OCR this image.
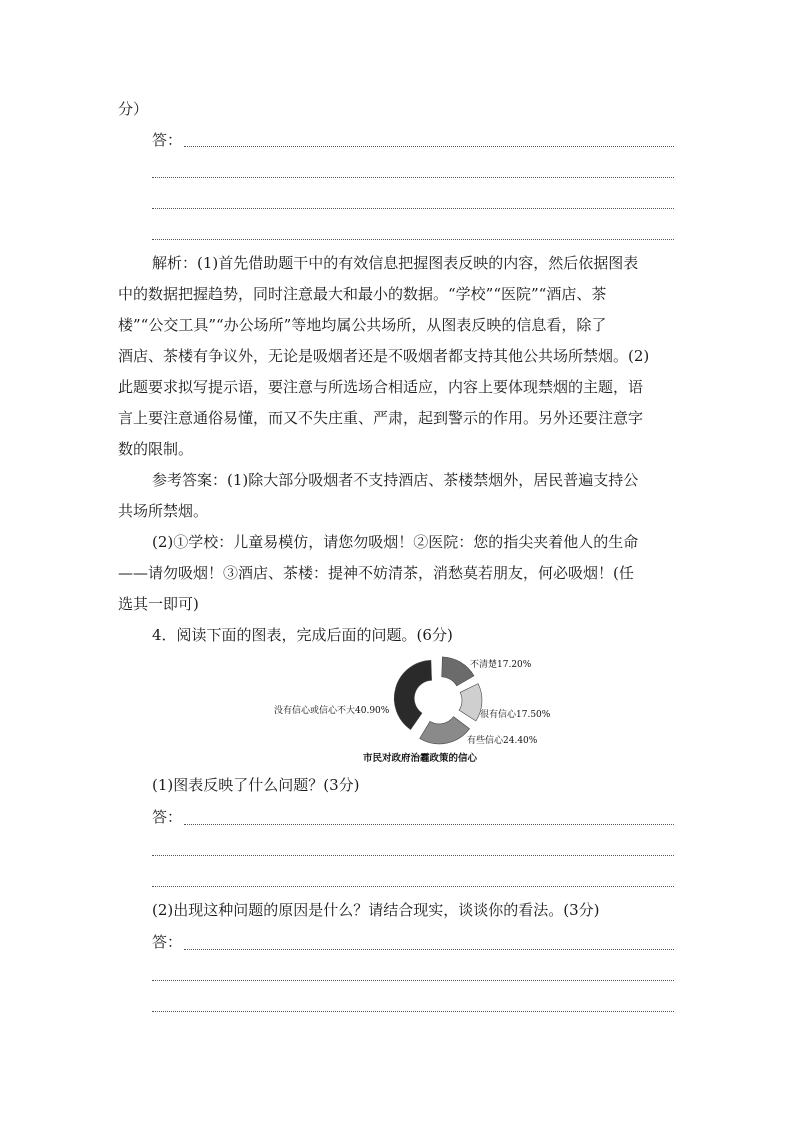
分）
答：
解析：(1)首先借助题干中的有效信息把握图表反映的内容，然后依据图表
中的数据把握趋势，同时注意最大和最小的数据。“学校”“医院”“酒店、茶
楼”“公交工具”“办公场所”等地均属公共场所，从图表反映的信息看，除了
酒店、茶楼有争议外，无论是吸烟者还是不吸烟者都支持其他公共场所禁烟。(2)
此题要求拟写提示语，要注意与所选场合相适应，内容上要体现禁烟的主题，语
言上要注意通俗易懂，而又不失庄重、严肃，起到警示的作用。另外还要注意字
数的限制。
参考答案：(1)除大部分吸烟者不支持酒店、茶楼禁烟外，居民普遍支持公
共场所禁烟。
(2)①学校：儿童易模仿，请您勿吸烟！②医院：您的指尖夹着他人的生命
——请勿吸烟！③酒店、茶楼：提神不妨清茶，消愁莫若朋友，何必吸烟！(任
选其一即可)
4．阅读下面的图表，完成后面的问题。(6分)
不清楚17.20%
很有信心17.50%
有些信心24.40%
没有信心或信心不大40.90%
市民对政府治霾政策的信心
(1)图表反映了什么问题？(3分)
答：
(2)出现这种问题的原因是什么？请结合现实，谈谈你的看法。(3分)
答：
